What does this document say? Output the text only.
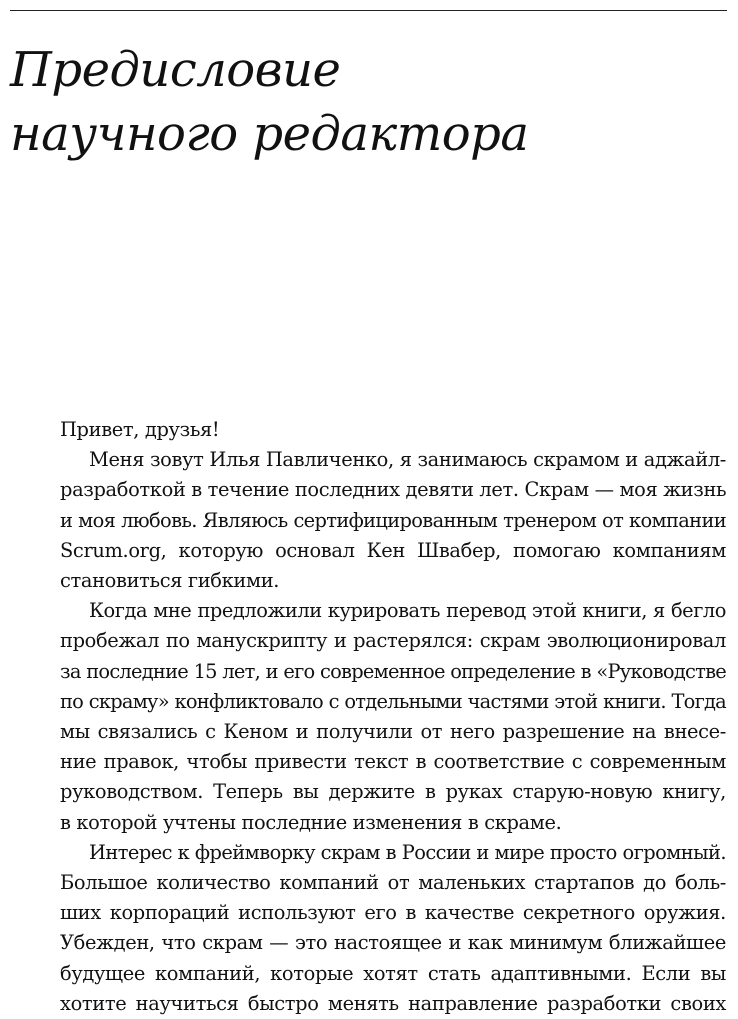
Предисловие
научного редактора
Привет, друзья!
Меня зовут Илья Павличенко, я занимаюсь скрамом и аджайл-
разработкой в течение последних девяти лет. Скрам — моя жизнь
и моя любовь. Являюсь сертифицированным тренером от компании
Scrum.org, которую основал Кен Швабер, помогаю компаниям
становиться гибкими.
Когда мне предложили курировать перевод этой книги, я бегло
пробежал по манускрипту и растерялся: скрам эволюционировал
за последние 15 лет, и его современное определение в «Руководстве
по скраму» конфликтовало с отдельными частями этой книги. Тогда
мы связались с Кеном и получили от него разрешение на внесе-
ние правок, чтобы привести текст в соответствие с современным
руководством. Теперь вы держите в руках старую-новую книгу,
в которой учтены последние изменения в скраме.
Интерес к фреймворку скрам в России и мире просто огромный.
Большое количество компаний от маленьких стартапов до боль-
ших корпораций используют его в качестве секретного оружия.
Убежден, что скрам — это настоящее и как минимум ближайшее
будущее компаний, которые хотят стать адаптивными. Если вы
хотите научиться быстро менять направление разработки своих
